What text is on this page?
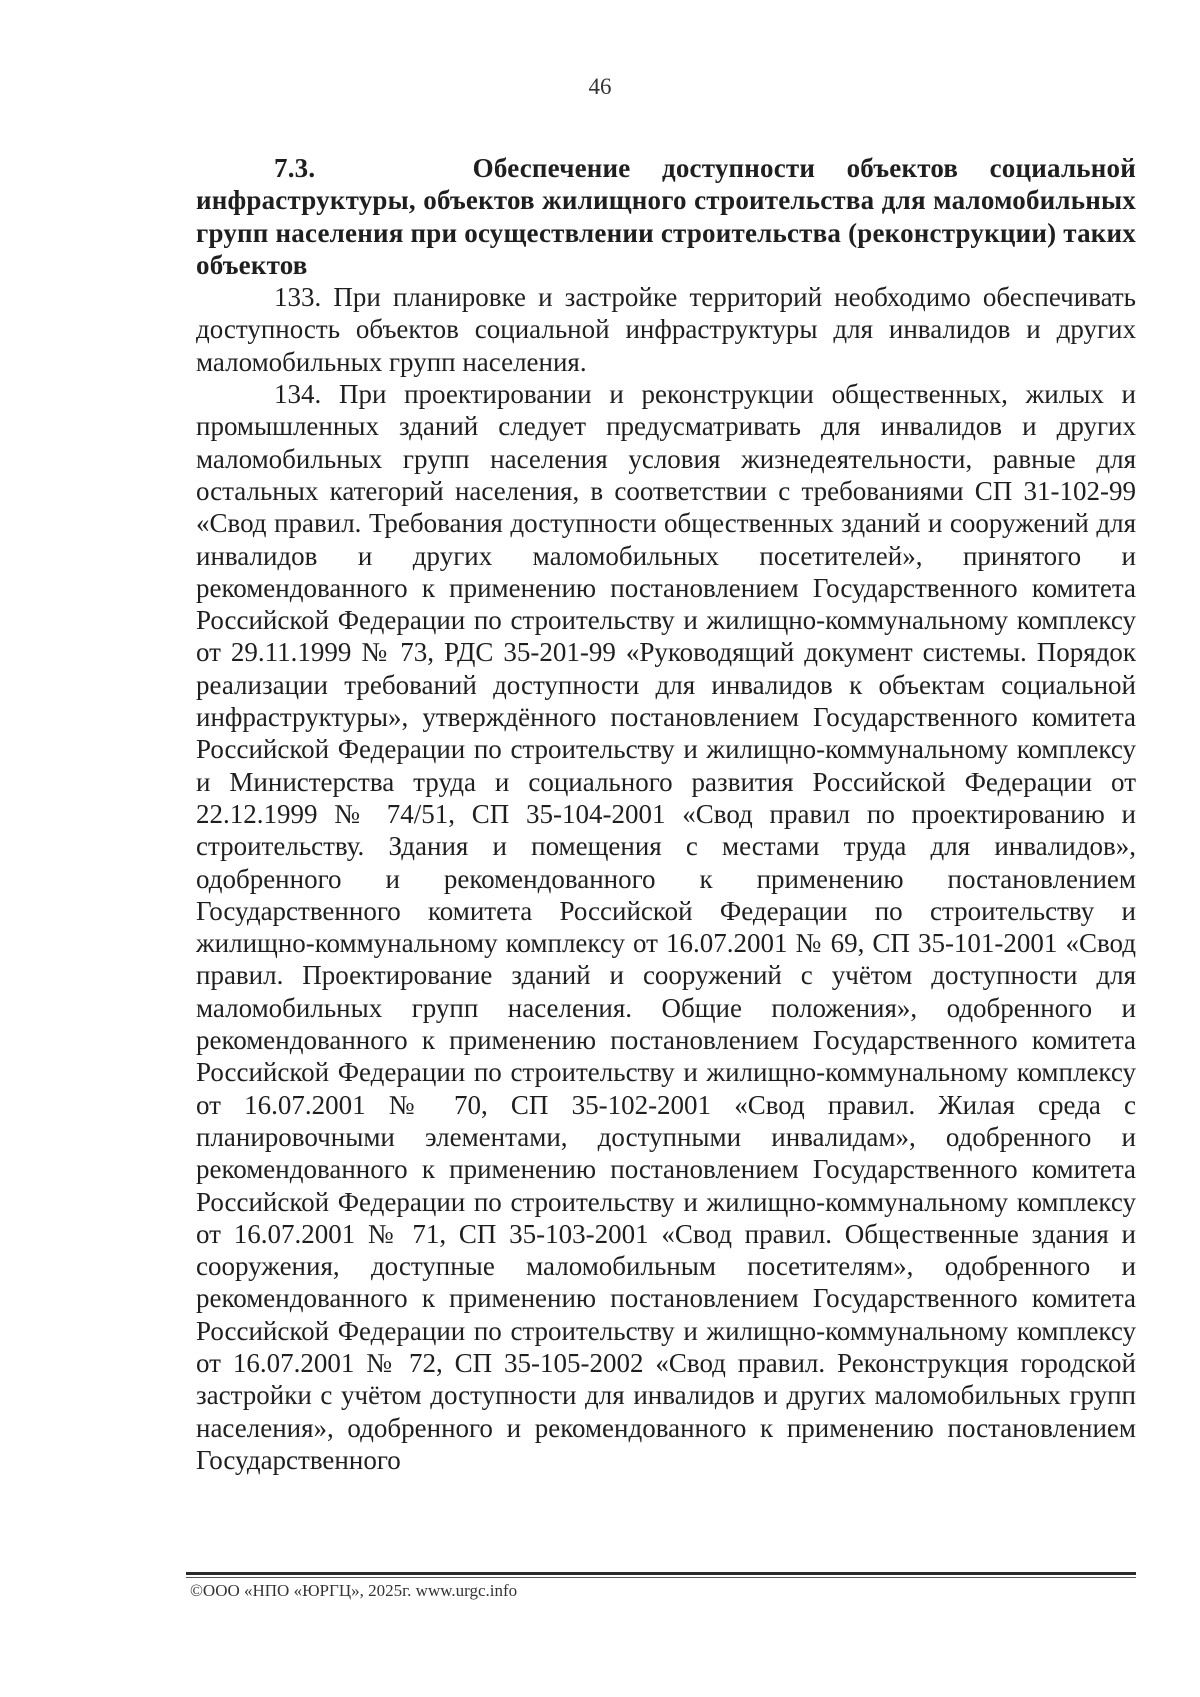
46

7.3.     Обеспечение доступности объектов социальной инфраструктуры, объектов жилищного строительства для маломобильных групп населения при осуществлении строительства (реконструкции) таких объектов

133. При планировке и застройке территорий необходимо обеспечивать доступность объектов социальной инфраструктуры для инвалидов и других маломобильных групп населения.

134. При проектировании и реконструкции общественных, жилых и промышленных зданий следует предусматривать для инвалидов и других маломобильных групп населения условия жизнедеятельности, равные для остальных категорий населения, в соответствии с требованиями СП 31-102-99 «Свод правил. Требования доступности общественных зданий и сооружений для инвалидов и других маломобильных посетителей», принятого и рекомендованного к применению постановлением Государственного комитета Российской Федерации по строительству и жилищно-коммунальному комплексу от 29.11.1999 № 73, РДС 35-201-99 «Руководящий документ системы. Порядок реализации требований доступности для инвалидов к объектам социальной инфраструктуры», утверждённого постановлением Государственного комитета Российской Федерации по строительству и жилищно-коммунальному комплексу и Министерства труда и социального развития Российской Федерации от 22.12.1999 № 74/51, СП 35-104-2001 «Свод правил по проектированию и строительству. Здания и помещения с местами труда для инвалидов», одобренного и рекомендованного к применению постановлением Государственного комитета Российской Федерации по строительству и жилищно-коммунальному комплексу от 16.07.2001 № 69, СП 35-101-2001 «Свод правил. Проектирование зданий и сооружений с учётом доступности для маломобильных групп населения. Общие положения», одобренного и рекомендованного к применению постановлением Государственного комитета Российской Федерации по строительству и жилищно-коммунальному комплексу от 16.07.2001 № 70, СП 35-102-2001 «Свод правил. Жилая среда с планировочными элементами, доступными инвалидам», одобренного и рекомендованного к применению постановлением Государственного комитета Российской Федерации по строительству и жилищно-коммунальному комплексу от 16.07.2001 № 71, СП 35-103-2001 «Свод правил. Общественные здания и сооружения, доступные маломобильным посетителям», одобренного и рекомендованного к применению постановлением Государственного комитета Российской Федерации по строительству и жилищно-коммунальному комплексу от 16.07.2001 № 72, СП 35-105-2002 «Свод правил. Реконструкция городской застройки с учётом доступности для инвалидов и других маломобильных групп населения», одобренного и рекомендованного к применению постановлением Государственного

©ООО «НПО «ЮРГЦ», 2025г. www.urgc.info
